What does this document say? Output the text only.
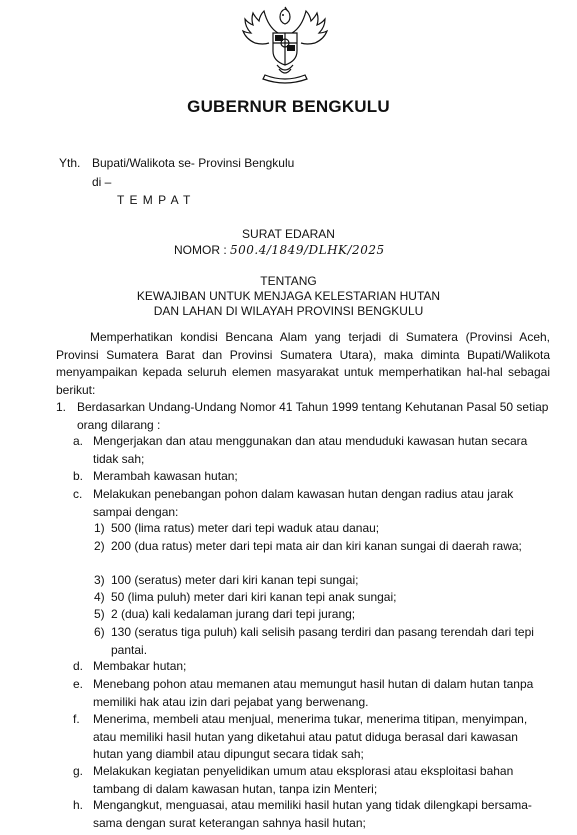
GUBERNUR BENGKULU
Yth. Bupati/Walikota se- Provinsi Bengkulu
di –
T E M P A T
SURAT EDARAN
NOMOR : 500.4/1849/DLHK/2025
TENTANG
KEWAJIBAN UNTUK MENJAGA KELESTARIAN HUTAN
DAN LAHAN DI WILAYAH PROVINSI BENGKULU
Memperhatikan kondisi Bencana Alam yang terjadi di Sumatera (Provinsi Aceh, Provinsi Sumatera Barat dan Provinsi Sumatera Utara), maka diminta Bupati/Walikota menyampaikan kepada seluruh elemen masyarakat untuk memperhatikan hal-hal sebagai berikut:
1. Berdasarkan Undang-Undang Nomor 41 Tahun 1999 tentang Kehutanan Pasal 50 setiap orang dilarang :
a. Mengerjakan dan atau menggunakan dan atau menduduki kawasan hutan secara tidak sah;
b. Merambah kawasan hutan;
c. Melakukan penebangan pohon dalam kawasan hutan dengan radius atau jarak sampai dengan:
1) 500 (lima ratus) meter dari tepi waduk atau danau;
2) 200 (dua ratus) meter dari tepi mata air dan kiri kanan sungai di daerah rawa;
3) 100 (seratus) meter dari kiri kanan tepi sungai;
4) 50 (lima puluh) meter dari kiri kanan tepi anak sungai;
5) 2 (dua) kali kedalaman jurang dari tepi jurang;
6) 130 (seratus tiga puluh) kali selisih pasang terdiri dan pasang terendah dari tepi pantai.
d. Membakar hutan;
e. Menebang pohon atau memanen atau memungut hasil hutan di dalam hutan tanpa memiliki hak atau izin dari pejabat yang berwenang.
f. Menerima, membeli atau menjual, menerima tukar, menerima titipan, menyimpan, atau memiliki hasil hutan yang diketahui atau patut diduga berasal dari kawasan hutan yang diambil atau dipungut secara tidak sah;
g. Melakukan kegiatan penyelidikan umum atau eksplorasi atau eksploitasi bahan tambang di dalam kawasan hutan, tanpa izin Menteri;
h. Mengangkut, menguasai, atau memiliki hasil hutan yang tidak dilengkapi bersama-sama dengan surat keterangan sahnya hasil hutan;
